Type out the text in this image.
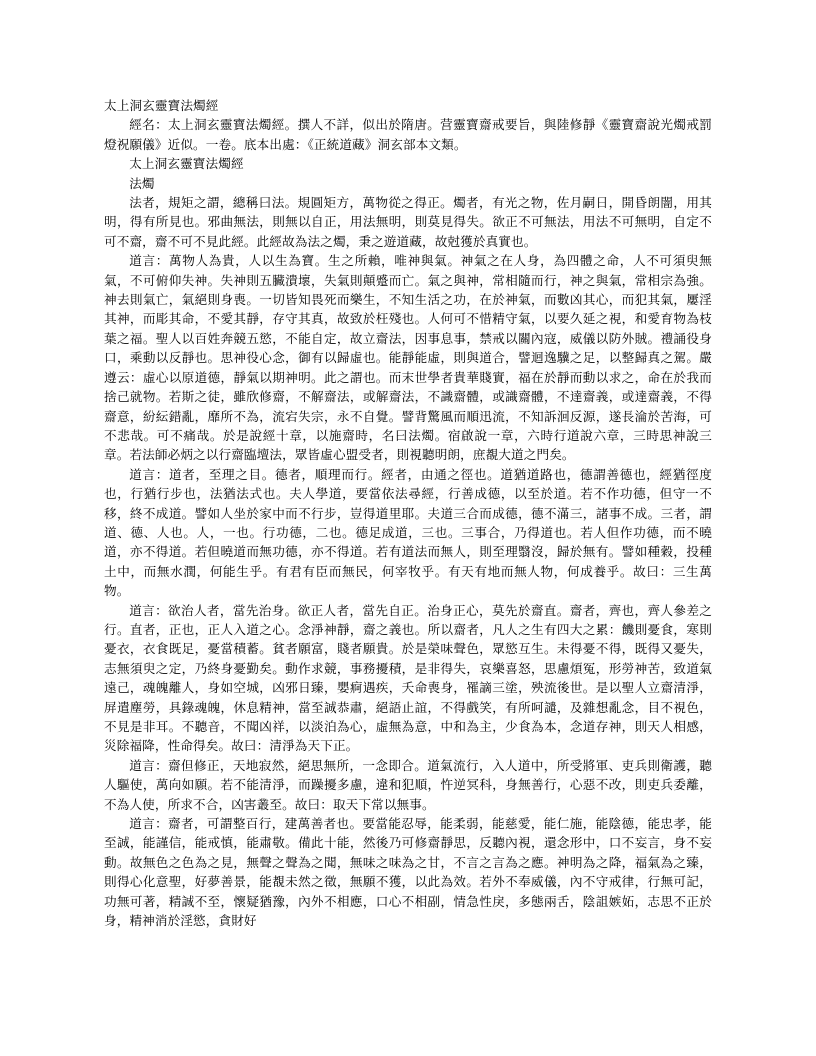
太上洞玄靈寶法燭經

經名：太上洞玄靈寶法燭經。撰人不詳，似出於隋唐。营靈寶齋戒要旨，與陸修靜《靈寶齋說光燭戒罰燈祝願儀》近似。一卷。底本出處：《正統道藏》洞玄部本文類。

太上洞玄靈寶法燭經

法燭

法者，規矩之謂，總稱曰法。規圓矩方，萬物從之得正。燭者，有光之物，佐月嗣日，開昏朗闇，用其明，得有所見也。邪曲無法，則無以自正，用法無明，則莫見得失。欲正不可無法，用法不可無明，自定不可不齋，齋不可不見此經。此經故為法之燭，秉之遊道藏，故尅獲於真實也。

道言：萬物人為貴，人以生為寶。生之所賴，唯神與氣。神氣之在人身，為四體之命，人不可須臾無氣，不可俯仰失神。失神則五臟潰壞，失氣則顛蹙而亡。氣之與神，常相隨而行，神之與氣，常相宗為強。神去則氣亡，氣絕則身喪。一切皆知畏死而樂生，不知生活之功，在於神氣，而數凶其心，而犯其氣，屢淫其神，而彫其命，不愛其靜，存守其真，故致於枉殘也。人何可不惜精守氣，以要久延之視，和愛育物為枝葉之福。聖人以百姓奔競五慾，不能自定，故立齋法，因事息事，禁戒以關內寇，威儀以防外賊。禮誦役身口，乘動以反靜也。思神役心念，御有以歸虛也。能靜能虛，則與道合，譬迴逸驥之足，以整歸真之駕。嚴遵云：虛心以原道德，靜氣以期神明。此之謂也。而末世學者貴華賤實，福在於靜而動以求之，命在於我而捨己就物。若斯之徒，雖欣修齋，不解齋法，或解齋法，不識齋體，或識齋體，不達齋義，或達齋義，不得齋意，紛紜錯亂，靡所不為，流宕失宗，永不自覺。譬背驚風而順迅流，不知訴洄反源，遂長淪於苦海，可不悲哉。可不痛哉。於是說經十章，以施齋時，名曰法燭。宿啟說一章，六時行道說六章，三時思神說三章。若法師必炳之以行齋臨壇法，眾皆虛心盟受者，則視聽明朗，庶覩大道之門矣。

道言：道者，至理之目。德者，順理而行。經者，由通之徑也。道猶道路也，德謂善德也，經猶徑度也，行猶行步也，法猶法式也。夫人學道，要當依法尋經，行善成德，以至於道。若不作功德，但守一不移，終不成道。譬如人坐於家中而不行步，豈得道里耶。夫道三合而成德，德不滿三，諸事不成。三者，謂道、德、人也。人，一也。行功德，二也。德足成道，三也。三事合，乃得道也。若人但作功德，而不曉道，亦不得道。若但曉道而無功德，亦不得道。若有道法而無人，則至理翳沒，歸於無有。譬如種穀，投種土中，而無水潤，何能生乎。有君有臣而無民，何宰牧乎。有天有地而無人物，何成養乎。故曰：三生萬物。

道言：欲治人者，當先治身。欲正人者，當先自正。治身正心，莫先於齋直。齋者，齊也，齊人參差之行。直者，正也，正人入道之心。念淨神靜，齋之義也。所以齋者，凡人之生有四大之累：饑則憂食，寒則憂衣，衣食既足，憂當積蓄。貧者願富，賤者願貴。於是榮味聲色，眾慾互生。未得憂不得，既得又憂失，志無須臾之定，乃終身憂勤矣。動作求競，事務擾積，是非得失，哀樂喜怒，思慮煩冤，形勞神苦，致道氣遠己，魂魄離人，身如空城，凶邪日臻，嬰痾遇疾，夭命喪身，罹謫三塗，殃流後世。是以聖人立齋清淨，屏遣塵勞，具錄魂魄，休息精神，當至誠恭肅，絕語止誼，不得戲笑，有所呵譴，及雜想亂念，目不視色，不見是非耳。不聽音，不聞凶祥，以淡泊為心，虛無為意，中和為主，少食為本，念道存神，則天人相感，災除福降，性命得矣。故曰：清淨為天下正。

道言：齋但修正，天地寂然，絕思無所，一念即合。道氣流行，入人道中，所受將軍、吏兵則衛護，聽人驅使，萬向如願。若不能清淨，而躁擾多慮，違和犯順，忤逆冥科，身無善行，心惡不改，則吏兵委離，不為人使，所求不合，凶害叢至。故曰：取天下常以無事。

道言：齋者，可謂整百行，建萬善者也。要當能忍辱，能柔弱，能慈愛，能仁施，能陰德，能忠孝，能至誠，能謹信，能戒慎，能肅敬。備此十能，然後乃可修齋靜思，反聽內視，還念形中，口不妄言，身不妄動。故無色之色為之見，無聲之聲為之聞，無味之味為之甘，不言之言為之應。神明為之降，福氣為之臻，則得心化意聖，好夢善景，能覩未然之徵，無願不獲，以此為效。若外不奉威儀，內不守戒律，行無可記，功無可著，精誠不至，懷疑猶豫，內外不相應，口心不相副，情急性戾，多態兩舌，陰詛嫉妬，志思不正於身，精神消於淫慾，貪財好
